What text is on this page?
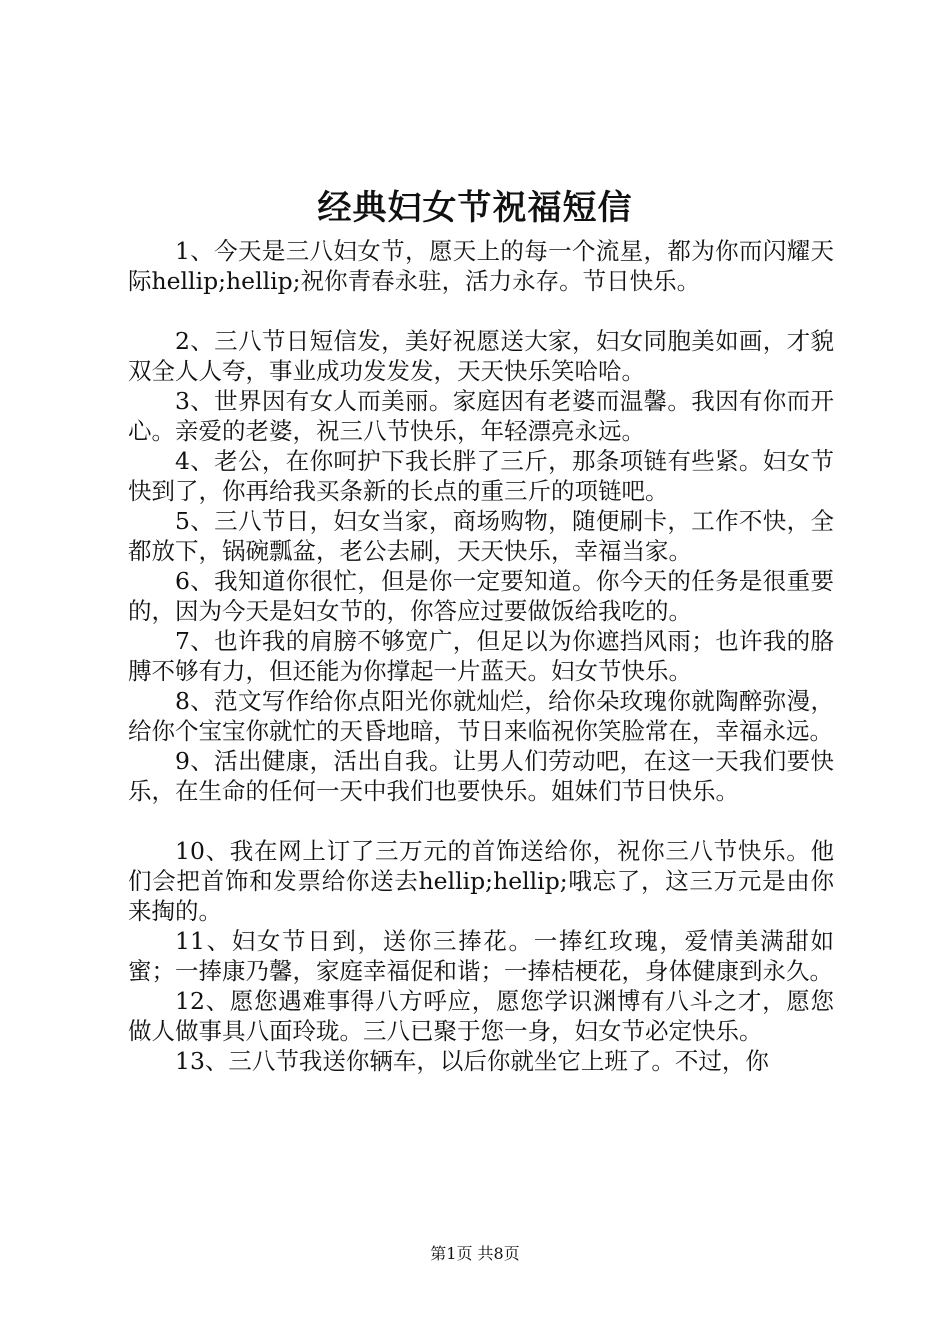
经典妇女节祝福短信

1、今天是三八妇女节，愿天上的每一个流星，都为你而闪耀天际hellip;hellip;祝你青春永驻，活力永存。节日快乐。

2、三八节日短信发，美好祝愿送大家，妇女同胞美如画，才貌双全人人夸，事业成功发发发，天天快乐笑哈哈。

3、世界因有女人而美丽。家庭因有老婆而温馨。我因有你而开心。亲爱的老婆，祝三八节快乐，年轻漂亮永远。

4、老公，在你呵护下我长胖了三斤，那条项链有些紧。妇女节快到了，你再给我买条新的长点的重三斤的项链吧。

5、三八节日，妇女当家，商场购物，随便刷卡，工作不快，全都放下，锅碗瓢盆，老公去刷，天天快乐，幸福当家。

6、我知道你很忙，但是你一定要知道。你今天的任务是很重要的，因为今天是妇女节的，你答应过要做饭给我吃的。

7、也许我的肩膀不够宽广，但足以为你遮挡风雨；也许我的胳膊不够有力，但还能为你撑起一片蓝天。妇女节快乐。

8、范文写作给你点阳光你就灿烂，给你朵玫瑰你就陶醉弥漫，给你个宝宝你就忙的天昏地暗，节日来临祝你笑脸常在，幸福永远。

9、活出健康，活出自我。让男人们劳动吧，在这一天我们要快乐，在生命的任何一天中我们也要快乐。姐妹们节日快乐。

10、我在网上订了三万元的首饰送给你，祝你三八节快乐。他们会把首饰和发票给你送去hellip;hellip;哦忘了，这三万元是由你来掏的。

11、妇女节日到，送你三捧花。一捧红玫瑰，爱情美满甜如蜜；一捧康乃馨，家庭幸福促和谐；一捧桔梗花，身体健康到永久。

12、愿您遇难事得八方呼应，愿您学识渊博有八斗之才，愿您做人做事具八面玲珑。三八已聚于您一身，妇女节必定快乐。

13、三八节我送你辆车，以后你就坐它上班了。不过，你

第1页 共8页
